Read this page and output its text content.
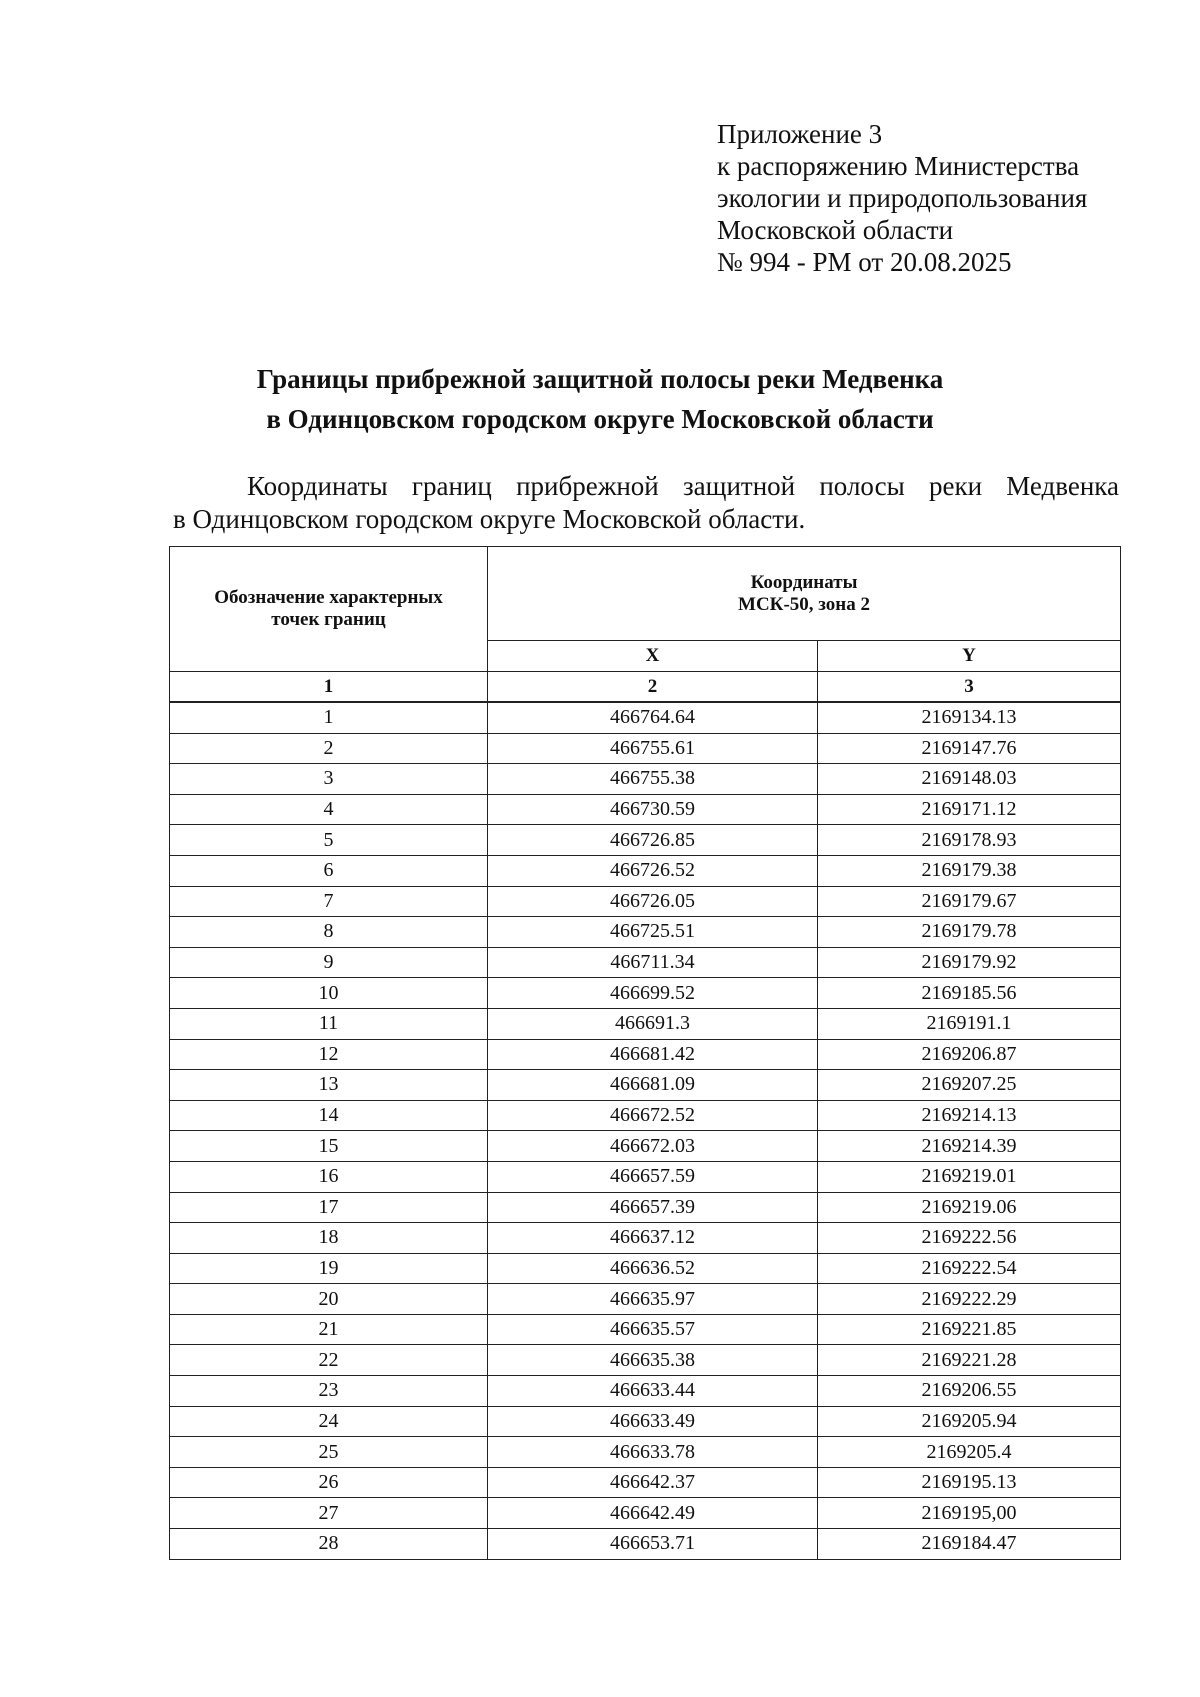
Приложение 3
к распоряжению Министерства
экологии и природопользования
Московской области
№ 994 - РМ от 20.08.2025
Границы прибрежной защитной полосы реки Медвенка
в Одинцовском городском округе Московской области
Координаты границ прибрежной защитной полосы реки Медвенка
в Одинцовском городском округе Московской области.
Обозначение характерных точек границ	Координаты
МСК-50, зона 2	

	X	Y
1	2	3
1	466764.64	2169134.13
2	466755.61	2169147.76
3	466755.38	2169148.03
4	466730.59	2169171.12
5	466726.85	2169178.93
6	466726.52	2169179.38
7	466726.05	2169179.67
8	466725.51	2169179.78
9	466711.34	2169179.92
10	466699.52	2169185.56
11	466691.3	2169191.1
12	466681.42	2169206.87
13	466681.09	2169207.25
14	466672.52	2169214.13
15	466672.03	2169214.39
16	466657.59	2169219.01
17	466657.39	2169219.06
18	466637.12	2169222.56
19	466636.52	2169222.54
20	466635.97	2169222.29
21	466635.57	2169221.85
22	466635.38	2169221.28
23	466633.44	2169206.55
24	466633.49	2169205.94
25	466633.78	2169205.4
26	466642.37	2169195.13
27	466642.49	2169195,00
28	466653.71	2169184.47
